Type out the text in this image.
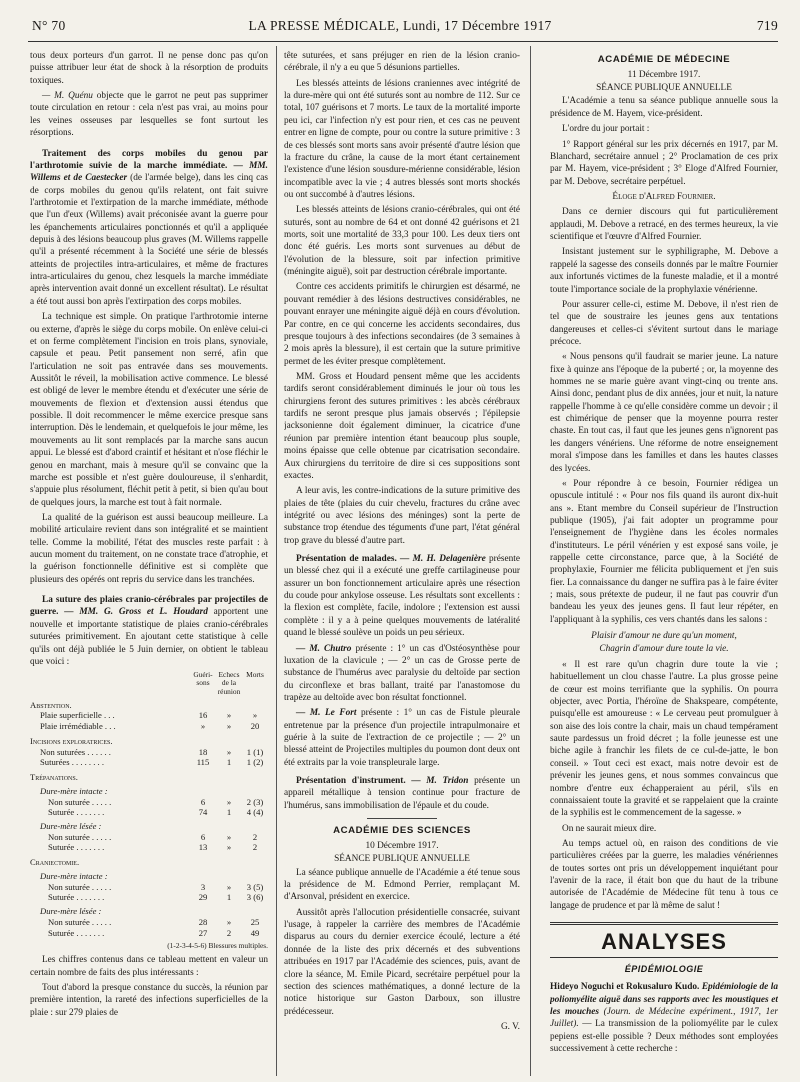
N° 70	LA PRESSE MÉDICALE, Lundi, 17 Décembre 1917	719

tous deux porteurs d'un garrot. Il ne pense donc pas qu'on puisse attribuer leur état de shock à la résorption de produits toxiques.

— M. Quénu objecte que le garrot ne peut pas supprimer toute circulation en retour : cela n'est pas vrai, au moins pour les veines osseuses par lesquelles se font surtout les résorptions.

Traitement des corps mobiles du genou par l'arthrotomie suivie de la marche immédiate. — MM. Willems et de Caestecker (de l'armée belge), dans les cinq cas de corps mobiles du genou qu'ils relatent, ont fait suivre l'arthrotomie et l'extirpation de la marche immédiate, méthode que l'un d'eux (Willems) avait préconisée avant la guerre pour les épanchements articulaires ponctionnés et qu'il a appliquée depuis à des lésions beaucoup plus graves (M. Willems rappelle qu'il a présenté récemment à la Société une série de blessés atteints de projectiles intra-articulaires, et même de fractures intra-articulaires du genou, chez lesquels la marche immédiate après intervention avait donné un excellent résultat). Le résultat a été tout aussi bon après l'extirpation des corps mobiles.

La technique est simple. On pratique l'arthrotomie interne ou externe, d'après le siège du corps mobile. On enlève celui-ci et on ferme complètement l'incision en trois plans, synoviale, capsule et peau. Petit pansement non serré, afin que l'articulation ne soit pas entravée dans ses mouvements. Aussitôt le réveil, la mobilisation active commence. Le blessé est obligé de lever le membre étendu et d'exécuter une série de mouvements de flexion et d'extension aussi étendus que possible. Il doit recommencer le même exercice presque sans interruption. Dès le lendemain, et quelquefois le jour même, les mouvements au lit sont remplacés par la marche sans aucun appui. Le blessé est d'abord craintif et hésitant et n'ose fléchir le genou en marchant, mais à mesure qu'il se convainc que la marche est possible et n'est guère douloureuse, il s'enhardit, s'appuie plus résolument, fléchit petit à petit, si bien qu'au bout de quelques jours, la marche est tout à fait normale.

La qualité de la guérison est aussi beaucoup meilleure. La mobilité articulaire revient dans son intégralité et se maintient telle. Comme la mobilité, l'état des muscles reste parfait : à aucun moment du traitement, on ne constate trace d'atrophie, et la guérison fonctionnelle définitive est si complète que plusieurs des opérés ont repris du service dans les tranchées.

La suture des plaies cranio-cérébrales par projectiles de guerre. — MM. G. Gross et L. Houdard apportent une nouvelle et importante statistique de plaies cranio-cérébrales suturées primitivement. En ajoutant cette statistique à celle qu'ils ont déjà publiée le 5 Juin dernier, on obtient le tableau que voici :

	Guéri-sons	Echecs de la réunion	Morts
Abstention.			
Plaie superficielle . . .	16	»	»
Plaie irrémédiable . . .	»	»	20
Incisions exploratrices.			
Non suturées . . . . . .	18	»	1 (1)
Suturées . . . . . . . .	115	1	1 (2)
Trépanations.			
Dure-mère intacte :			
Non suturée . . . . .	6	»	2 (3)
Suturée . . . . . . .	74	1	4 (4)
Dure-mère lésée :			
Non suturée . . . . .	6	»	2
Suturée . . . . . . .	13	»	2
Craniectomie.			
Dure-mère intacte :			
Non suturée . . . . .	3	»	3 (5)
Suturée . . . . . . .	29	1	3 (6)
Dure-mère lésée :			
Non suturée . . . . .	28	»	25
Suturée . . . . . . .	27	2	49

(1-2-3-4-5-6) Blessures multiples.

Les chiffres contenus dans ce tableau mettent en valeur un certain nombre de faits des plus intéressants :

Tout d'abord la presque constance du succès, la réunion par première intention, la rareté des infections superficielles de la plaie : sur 279 plaies de

tête suturées, et sans préjuger en rien de la lésion cranio-cérébrale, il n'y a eu que 5 désunions partielles.

Les blessés atteints de lésions craniennes avec intégrité de la dure-mère qui ont été suturés sont au nombre de 112. Sur ce total, 107 guérisons et 7 morts. Le taux de la mortalité importe peu ici, car l'infection n'y est pour rien, et ces cas ne peuvent entrer en ligne de compte, pour ou contre la suture primitive : 3 de ces blessés sont morts sans avoir présenté d'autre lésion que la fracture du crâne, la cause de la mort étant certainement l'existence d'une lésion sousdure-mérienne considérable, lésion incompatible avec la vie ; 4 autres blessés sont morts shockés ou ont succombé à d'autres lésions.

Les blessés atteints de lésions cranio-cérébrales, qui ont été suturés, sont au nombre de 64 et ont donné 42 guérisons et 21 morts, soit une mortalité de 33,3 pour 100. Les deux tiers ont donc été guéris. Les morts sont survenues au début de l'évolution de la blessure, soit par infection primitive (méningite aiguë), soit par destruction cérébrale importante.

Contre ces accidents primitifs le chirurgien est désarmé, ne pouvant remédier à des lésions destructives considérables, ne pouvant enrayer une méningite aiguë déjà en cours d'évolution. Par contre, en ce qui concerne les accidents secondaires, dus presque toujours à des infections secondaires (de 3 semaines à 2 mois après la blessure), il est certain que la suture primitive permet de les éviter presque complètement.

MM. Gross et Houdard pensent même que les accidents tardifs seront considérablement diminués le jour où tous les chirurgiens feront des sutures primitives : les abcès cérébraux tardifs ne seront presque plus jamais observés ; l'épilepsie jacksonienne doit également diminuer, la cicatrice d'une réunion par première intention étant beaucoup plus souple, moins épaisse que celle obtenue par cicatrisation secondaire. Aux chirurgiens du territoire de dire si ces suppositions sont exactes.

A leur avis, les contre-indications de la suture primitive des plaies de tête (plaies du cuir chevelu, fractures du crâne avec intégrité ou avec lésions des méninges) sont la perte de substance trop étendue des téguments d'une part, l'état général trop grave du blessé d'autre part.

Présentation de malades. — M. H. Delagenière présente un blessé chez qui il a exécuté une greffe cartilagineuse pour assurer un bon fonctionnement articulaire après une résection du coude pour ankylose osseuse. Les résultats sont excellents : la flexion est complète, facile, indolore ; l'extension est aussi complète : il y a à peine quelques mouvements de latéralité quand le blessé soulève un poids un peu sérieux.

— M. Chutro présente : 1° un cas d'Ostéosynthèse pour luxation de la clavicule ; — 2° un cas de Grosse perte de substance de l'humérus avec paralysie du deltoïde par section du circonflexe et bras ballant, traité par l'anastomose du trapèze au deltoïde avec bon résultat fonctionnel.

— M. Le Fort présente : 1° un cas de Fistule pleurale entretenue par la présence d'un projectile intrapulmonaire et guérie à la suite de l'extraction de ce projectile ; — 2° un blessé atteint de Projectiles multiples du poumon dont deux ont été extraits par la voie transpleurale large.

Présentation d'instrument. — M. Tridon présente un appareil métallique à tension continue pour fracture de l'humérus, sans immobilisation de l'épaule et du coude.

ACADÉMIE DES SCIENCES
10 Décembre 1917.
SÉANCE PUBLIQUE ANNUELLE

La séance publique annuelle de l'Académie a été tenue sous la présidence de M. Edmond Perrier, remplaçant M. d'Arsonval, président en exercice.

Aussitôt après l'allocution présidentielle consacrée, suivant l'usage, à rappeler la carrière des membres de l'Académie disparus au cours du dernier exercice écoulé, lecture a été donnée de la liste des prix décernés et des subventions attribuées en 1917 par l'Académie des sciences, puis, avant de clore la séance, M. Emile Picard, secrétaire perpétuel pour la section des sciences mathématiques, a donné lecture de la notice historique sur Gaston Darboux, son illustre prédécesseur.

G. V.

ACADÉMIE DE MÉDECINE
11 Décembre 1917.
SÉANCE PUBLIQUE ANNUELLE

L'Académie a tenu sa séance publique annuelle sous la présidence de M. Hayem, vice-président.

L'ordre du jour portait :

1° Rapport général sur les prix décernés en 1917, par M. Blanchard, secrétaire annuel ; 2° Proclamation de ces prix par M. Hayem, vice-président ; 3° Eloge d'Alfred Fournier, par M. Debove, secrétaire perpétuel.

Éloge d'Alfred Fournier.

Dans ce dernier discours qui fut particulièrement applaudi, M. Debove a retracé, en des termes heureux, la vie scientifique et l'œuvre d'Alfred Fournier.

Insistant justement sur le syphiligraphe, M. Debove a rappelé la sagesse des conseils donnés par le maître Fournier aux infortunés victimes de la funeste maladie, et il a montré toute l'importance sociale de la prophylaxie vénérienne.

Pour assurer celle-ci, estime M. Debove, il n'est rien de tel que de soustraire les jeunes gens aux tentations dangereuses et celles-ci s'évitent surtout dans le mariage précoce.

« Nous pensons qu'il faudrait se marier jeune. La nature fixe à quinze ans l'époque de la puberté ; or, la moyenne des hommes ne se marie guère avant vingt-cinq ou trente ans. Ainsi donc, pendant plus de dix années, jour et nuit, la nature rappelle l'homme à ce qu'elle considère comme un devoir ; il est chimérique de penser que la moyenne pourra rester chaste. En tout cas, il faut que les jeunes gens n'ignorent pas les dangers vénériens. Une réforme de notre enseignement moral s'impose dans les familles et dans les hautes classes des lycées.

« Pour répondre à ce besoin, Fournier rédigea un opuscule intitulé : « Pour nos fils quand ils auront dix-huit ans ». Etant membre du Conseil supérieur de l'Instruction publique (1905), j'ai fait adopter un programme pour l'enseignement de l'hygiène dans les écoles normales d'instituteurs. Le péril vénérien y est exposé sans voile, je rappelle cette circonstance, parce que, à la Société de prophylaxie, Fournier me félicita publiquement et j'en suis fier. La connaissance du danger ne suffira pas à le faire éviter ; mais, sous prétexte de pudeur, il ne faut pas couvrir d'un bandeau les yeux des jeunes gens. Il faut leur répéter, en l'appliquant à la syphilis, ces vers chantés dans les salons :

Plaisir d'amour ne dure qu'un moment,
Chagrin d'amour dure toute la vie.

« Il est rare qu'un chagrin dure toute la vie ; habituellement un clou chasse l'autre. La plus grosse peine de cœur est moins terrifiante que la syphilis. On pourra objecter, avec Portia, l'héroïne de Shakspeare, compétente, puisqu'elle est amoureuse : « Le cerveau peut promulguer à son aise des lois contre la chair, mais un chaud tempérament saute pardessus un froid décret ; la folle jeunesse est une biche agile à franchir les filets de ce cul-de-jatte, le bon conseil. » Tout ceci est exact, mais notre devoir est de prévenir les jeunes gens, et nous sommes convaincus que nombre d'entre eux échapperaient au péril, s'ils en connaissaient toute la gravité et se rappelaient que la crainte de la syphilis est le commencement de la sagesse. »

On ne saurait mieux dire.

Au temps actuel où, en raison des conditions de vie particulières créées par la guerre, les maladies vénériennes de toutes sortes ont pris un développement inquiétant pour l'avenir de la race, il était bon que du haut de la tribune autorisée de l'Académie de Médecine fût tenu à tous ce langage de prudence et par là même de salut !

ANALYSES
ÉPIDÉMIOLOGIE

Hideyo Noguchi et Rokusaluro Kudo. Epidémiologie de la poliomyélite aiguë dans ses rapports avec les moustiques et les mouches (Journ. de Médecine expériment., 1917, 1er Juillet). — La transmission de la poliomyélite par le culex pepiens est-elle possible ? Deux méthodes sont employées successivement à cette recherche :
